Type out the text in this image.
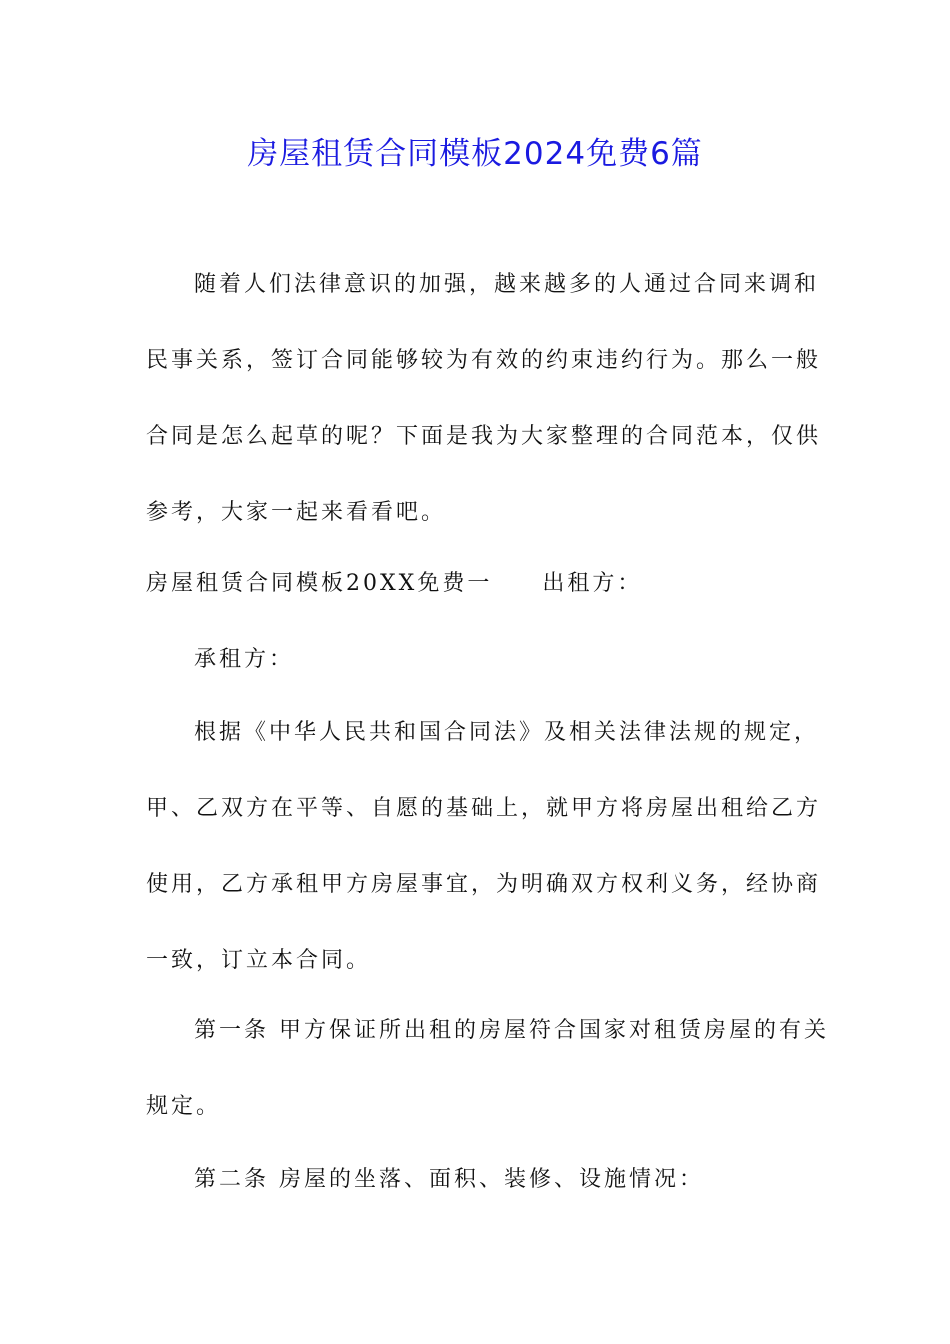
房屋租赁合同模板2024免费6篇
随着人们法律意识的加强，越来越多的人通过合同来调和
民事关系，签订合同能够较为有效的约束违约行为。那么一般
合同是怎么起草的呢？下面是我为大家整理的合同范本，仅供
参考，大家一起来看看吧。
房屋租赁合同模板20XX免费一 出租方：
承租方：
根据《中华人民共和国合同法》及相关法律法规的规定，
甲、乙双方在平等、自愿的基础上，就甲方将房屋出租给乙方
使用，乙方承租甲方房屋事宜，为明确双方权利义务，经协商
一致，订立本合同。
第一条 甲方保证所出租的房屋符合国家对租赁房屋的有关
规定。
第二条 房屋的坐落、面积、装修、设施情况：
